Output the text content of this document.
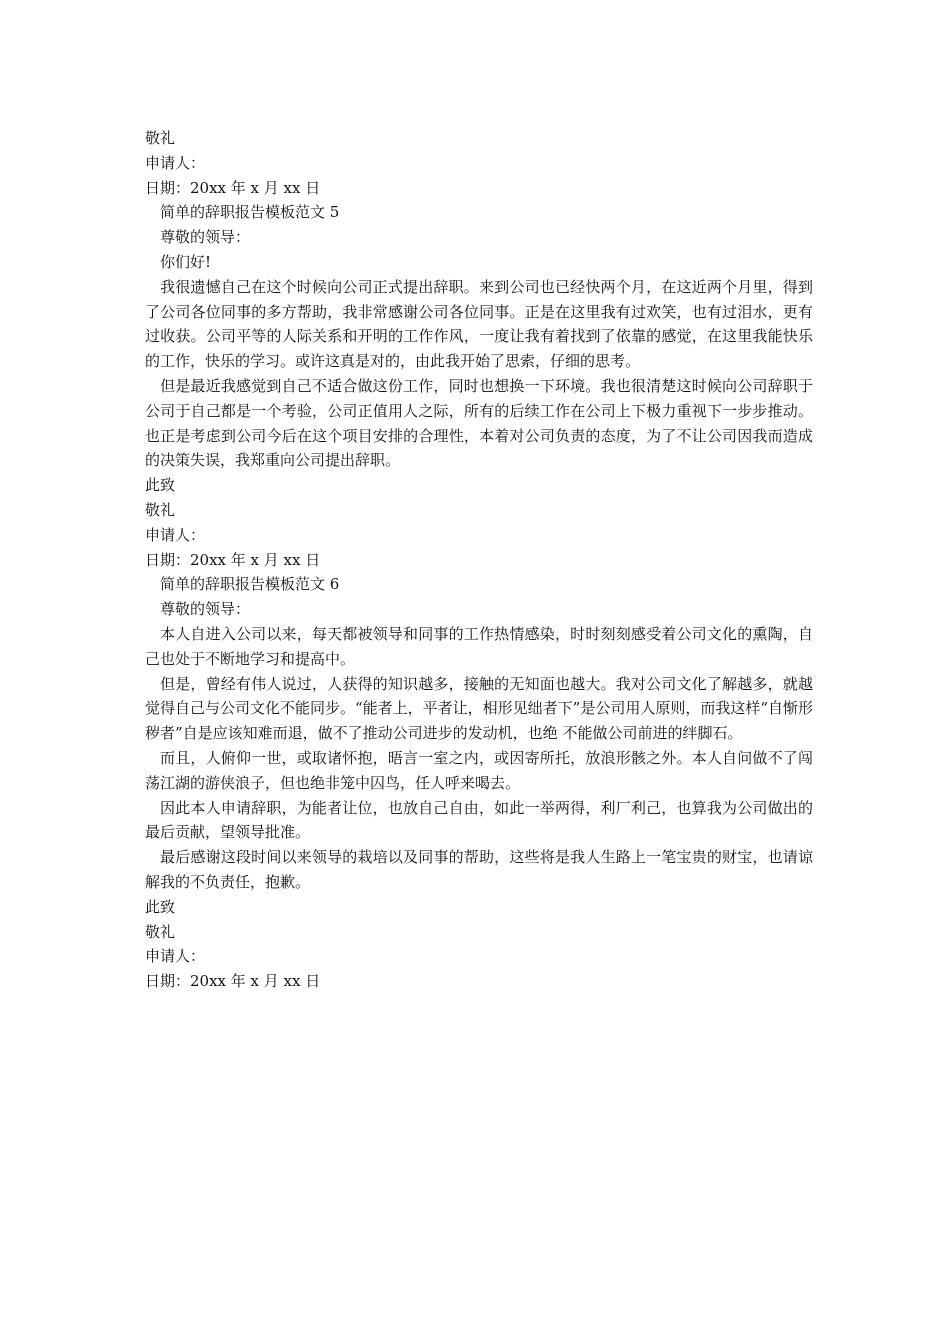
敬礼

申请人：

日期：20xx 年 x 月 xx 日

简单的辞职报告模板范文 5

尊敬的领导：

你们好!

我很遗憾自己在这个时候向公司正式提出辞职。来到公司也已经快两个月，在这近两个月里，得到了公司各位同事的多方帮助，我非常感谢公司各位同事。正是在这里我有过欢笑，也有过泪水，更有过收获。公司平等的人际关系和开明的工作作风，一度让我有着找到了依靠的感觉，在这里我能快乐的工作，快乐的学习。或许这真是对的，由此我开始了思索，仔细的思考。

但是最近我感觉到自己不适合做这份工作，同时也想换一下环境。我也很清楚这时候向公司辞职于公司于自己都是一个考验，公司正值用人之际，所有的后续工作在公司上下极力重视下一步步推动。也正是考虑到公司今后在这个项目安排的合理性，本着对公司负责的态度，为了不让公司因我而造成的决策失误，我郑重向公司提出辞职。

此致

敬礼

申请人：

日期：20xx 年 x 月 xx 日

简单的辞职报告模板范文 6

尊敬的领导：

本人自进入公司以来，每天都被领导和同事的工作热情感染，时时刻刻感受着公司文化的熏陶，自己也处于不断地学习和提高中。

但是，曾经有伟人说过，人获得的知识越多，接触的无知面也越大。我对公司文化了解越多，就越觉得自己与公司文化不能同步。“能者上，平者让，相形见绌者下”是公司用人原则，而我这样“自惭形秽者”自是应该知难而退，做不了推动公司进步的发动机，也绝 不能做公司前进的绊脚石。

而且，人俯仰一世，或取诸怀抱，晤言一室之内，或因寄所托，放浪形骸之外。本人自问做不了闯荡江湖的游侠浪子，但也绝非笼中囚鸟，任人呼来喝去。

因此本人申请辞职，为能者让位，也放自己自由，如此一举两得，利厂利己，也算我为公司做出的最后贡献，望领导批准。

最后感谢这段时间以来领导的栽培以及同事的帮助，这些将是我人生路上一笔宝贵的财宝，也请谅解我的不负责任，抱歉。

此致

敬礼

申请人：

日期：20xx 年 x 月 xx 日
